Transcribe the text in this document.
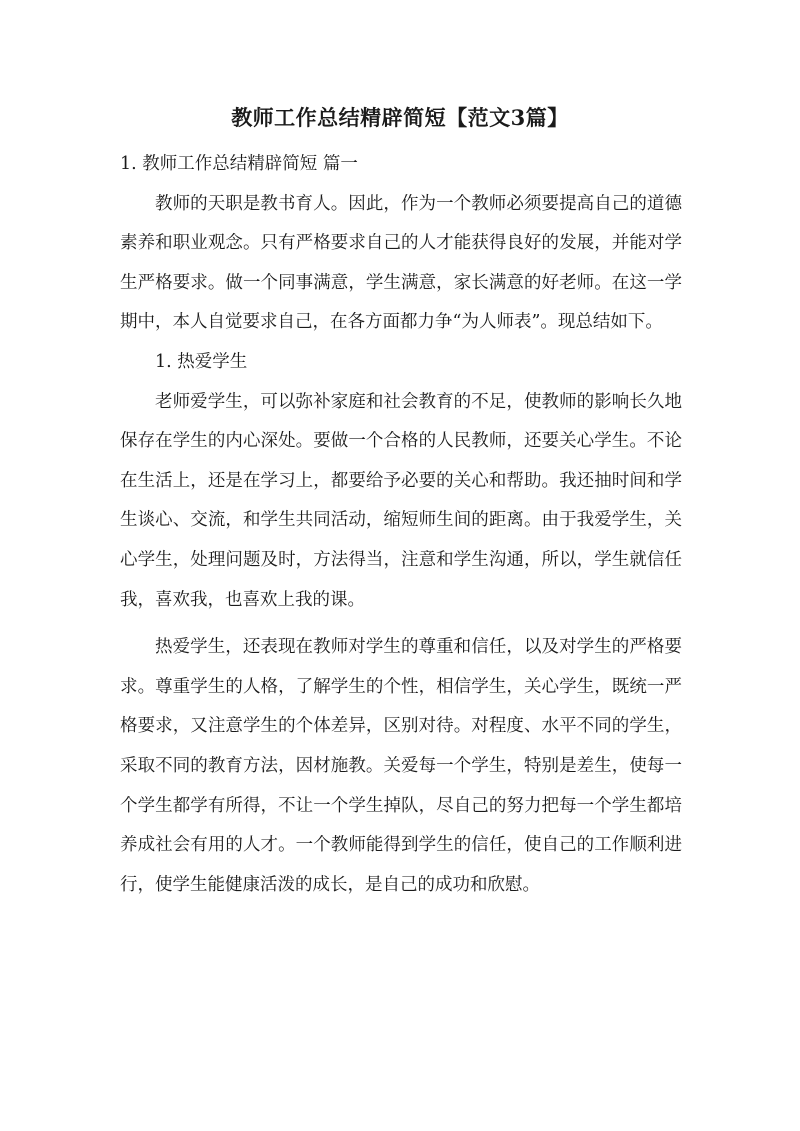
教师工作总结精辟简短【范文3篇】

1. 教师工作总结精辟简短 篇一

教师的天职是教书育人。因此，作为一个教师必须要提高自己的道德素养和职业观念。只有严格要求自己的人才能获得良好的发展，并能对学生严格要求。做一个同事满意，学生满意，家长满意的好老师。在这一学期中，本人自觉要求自己，在各方面都力争“为人师表”。现总结如下。

1. 热爱学生

老师爱学生，可以弥补家庭和社会教育的不足，使教师的影响长久地保存在学生的内心深处。要做一个合格的人民教师，还要关心学生。不论在生活上，还是在学习上，都要给予必要的关心和帮助。我还抽时间和学生谈心、交流，和学生共同活动，缩短师生间的距离。由于我爱学生，关心学生，处理问题及时，方法得当，注意和学生沟通，所以，学生就信任我，喜欢我，也喜欢上我的课。

热爱学生，还表现在教师对学生的尊重和信任，以及对学生的严格要求。尊重学生的人格，了解学生的个性，相信学生，关心学生，既统一严格要求，又注意学生的个体差异，区别对待。对程度、水平不同的学生，采取不同的教育方法，因材施教。关爱每一个学生，特别是差生，使每一个学生都学有所得，不让一个学生掉队，尽自己的努力把每一个学生都培养成社会有用的人才。一个教师能得到学生的信任，使自己的工作顺利进行，使学生能健康活泼的成长，是自己的成功和欣慰。
